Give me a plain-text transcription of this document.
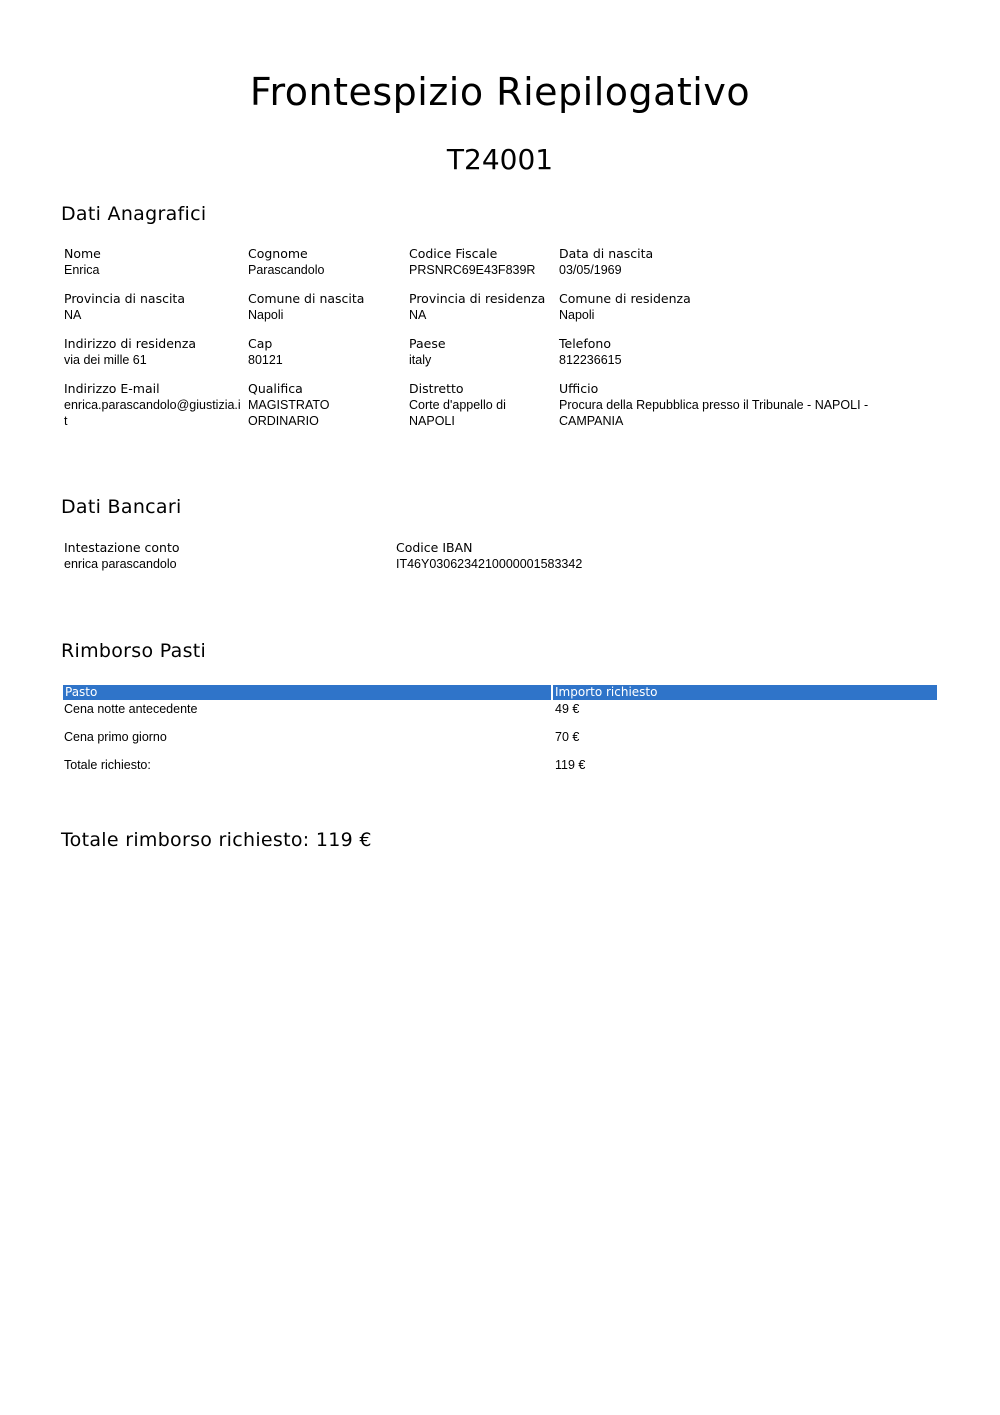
Frontespizio Riepilogativo
T24001
Dati Anagrafici
Nome
Enrica
Cognome
Parascandolo
Codice Fiscale
PRSNRC69E43F839R
Data di nascita
03/05/1969
Provincia di nascita
NA
Comune di nascita
Napoli
Provincia di residenza
NA
Comune di residenza
Napoli
Indirizzo di residenza
via dei mille 61
Cap
80121
Paese
italy
Telefono
812236615
Indirizzo E-mail
enrica.parascandolo@giustizia.it
Qualifica
MAGISTRATO ORDINARIO
Distretto
Corte d'appello di NAPOLI
Ufficio
Procura della Repubblica presso il Tribunale - NAPOLI - CAMPANIA
Dati Bancari
Intestazione conto
enrica parascandolo
Codice IBAN
IT46Y0306234210000001583342
Rimborso Pasti
Pasto	Importo richiesto
Cena notte antecedente	49 €
Cena primo giorno	70 €
Totale richiesto:	119 €
Totale rimborso richiesto: 119 €
